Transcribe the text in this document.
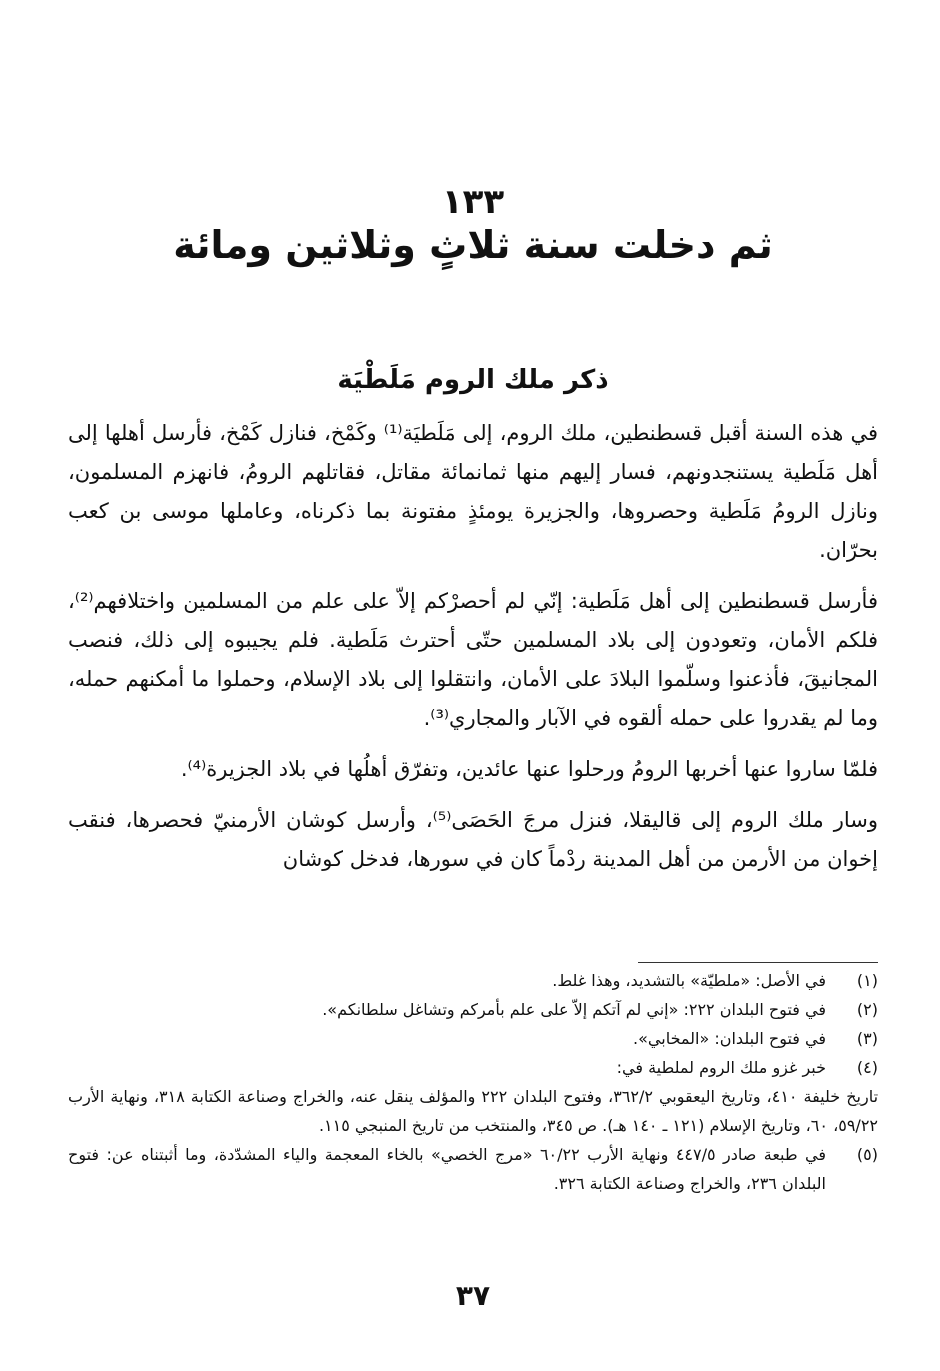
١٣٣
ثم دخلت سنة ثلاثٍ وثلاثين ومائة
ذكر ملك الروم مَلَطْيَة

في هذه السنة أقبل قسطنطين، ملك الروم، إلى مَلَطيَة⁽¹⁾ وكَمْخ، فنازل كَمْخ، فأرسل أهلها إلى أهل مَلَطية يستنجدونهم، فسار إليهم منها ثمانمائة مقاتل، فقاتلهم الرومُ، فانهزم المسلمون، ونازل الرومُ مَلَطية وحصروها، والجزيرة يومئذٍ مفتونة بما ذكرناه، وعاملها موسى بن كعب بحرّان.

فأرسل قسطنطين إلى أهل مَلَطية: إنّي لم أحصرْكم إلاّ على علم من المسلمين واختلافهم⁽²⁾، فلكم الأمان، وتعودون إلى بلاد المسلمين حتّى أحترث مَلَطية. فلم يجيبوه إلى ذلك، فنصب المجانيقَ، فأذعنوا وسلّموا البلادَ على الأمان، وانتقلوا إلى بلاد الإسلام، وحملوا ما أمكنهم حمله، وما لم يقدروا على حمله ألقوه في الآبار والمجاري⁽³⁾.

فلمّا ساروا عنها أخربها الرومُ ورحلوا عنها عائدين، وتفرّق أهلُها في بلاد الجزيرة⁽⁴⁾.

وسار ملك الروم إلى قاليقلا، فنزل مرجَ الحَصَى⁽⁵⁾، وأرسل كوشان الأرمنيّ فحصرها، فنقب إخوان من الأرمن من أهل المدينة ردْماً كان في سورها، فدخل كوشان

(١)
في الأصل: «ملطيّة» بالتشديد، وهذا غلط.
(٢)
في فتوح البلدان ٢٢٢: «إني لم آتكم إلاّ على علم بأمركم وتشاغل سلطانكم».
(٣)
في فتوح البلدان: «المخابي».
(٤)
خبر غزو ملك الروم لملطية في:
تاريخ خليفة ٤١٠، وتاريخ اليعقوبي ٣٦٢/٢، وفتوح البلدان ٢٢٢ والمؤلف ينقل عنه، والخراج وصناعة الكتابة ٣١٨، ونهاية الأرب ٥٩/٢٢، ٦٠، وتاريخ الإسلام (١٢١ ـ ١٤٠ هـ). ص ٣٤٥، والمنتخب من تاريخ المنبجي ١١٥.
(٥)
في طبعة صادر ٤٤٧/٥ ونهاية الأرب ٦٠/٢٢ «مرج الخصي» بالخاء المعجمة والياء المشدّدة، وما أثبتناه عن: فتوح البلدان ٢٣٦، والخراج وصناعة الكتابة ٣٢٦.
٣٧
